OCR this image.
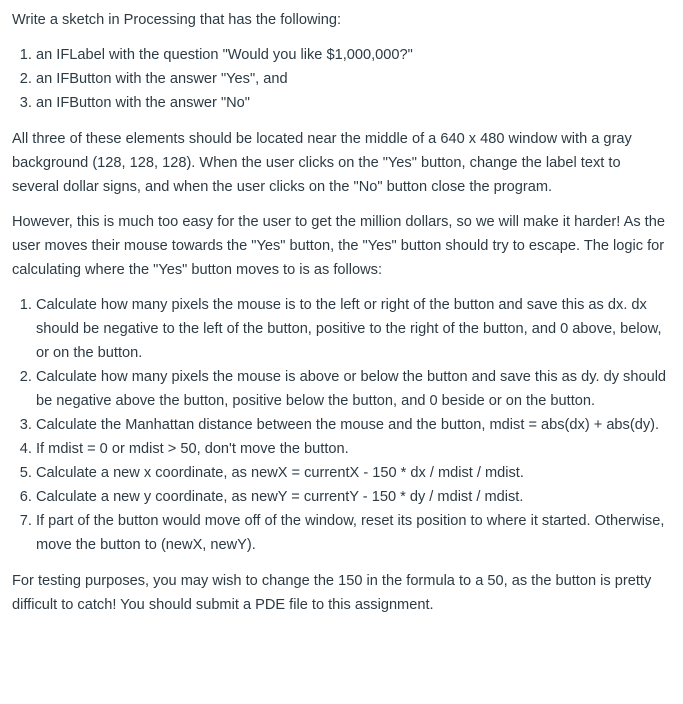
Write a sketch in Processing that has the following:

1. an IFLabel with the question "Would you like $1,000,000?"
2. an IFButton with the answer "Yes", and
3. an IFButton with the answer "No"

All three of these elements should be located near the middle of a 640 x 480 window with a gray background (128, 128, 128). When the user clicks on the "Yes" button, change the label text to several dollar signs, and when the user clicks on the "No" button close the program.

However, this is much too easy for the user to get the million dollars, so we will make it harder! As the user moves their mouse towards the "Yes" button, the "Yes" button should try to escape. The logic for calculating where the "Yes" button moves to is as follows:

1. Calculate how many pixels the mouse is to the left or right of the button and save this as dx. dx should be negative to the left of the button, positive to the right of the button, and 0 above, below, or on the button.
2. Calculate how many pixels the mouse is above or below the button and save this as dy. dy should be negative above the button, positive below the button, and 0 beside or on the button.
3. Calculate the Manhattan distance between the mouse and the button, mdist = abs(dx) + abs(dy).
4. If mdist = 0 or mdist > 50, don't move the button.
5. Calculate a new x coordinate, as newX = currentX - 150 * dx / mdist / mdist.
6. Calculate a new y coordinate, as newY = currentY - 150 * dy / mdist / mdist.
7. If part of the button would move off of the window, reset its position to where it started. Otherwise, move the button to (newX, newY).

For testing purposes, you may wish to change the 150 in the formula to a 50, as the button is pretty difficult to catch! You should submit a PDE file to this assignment.
